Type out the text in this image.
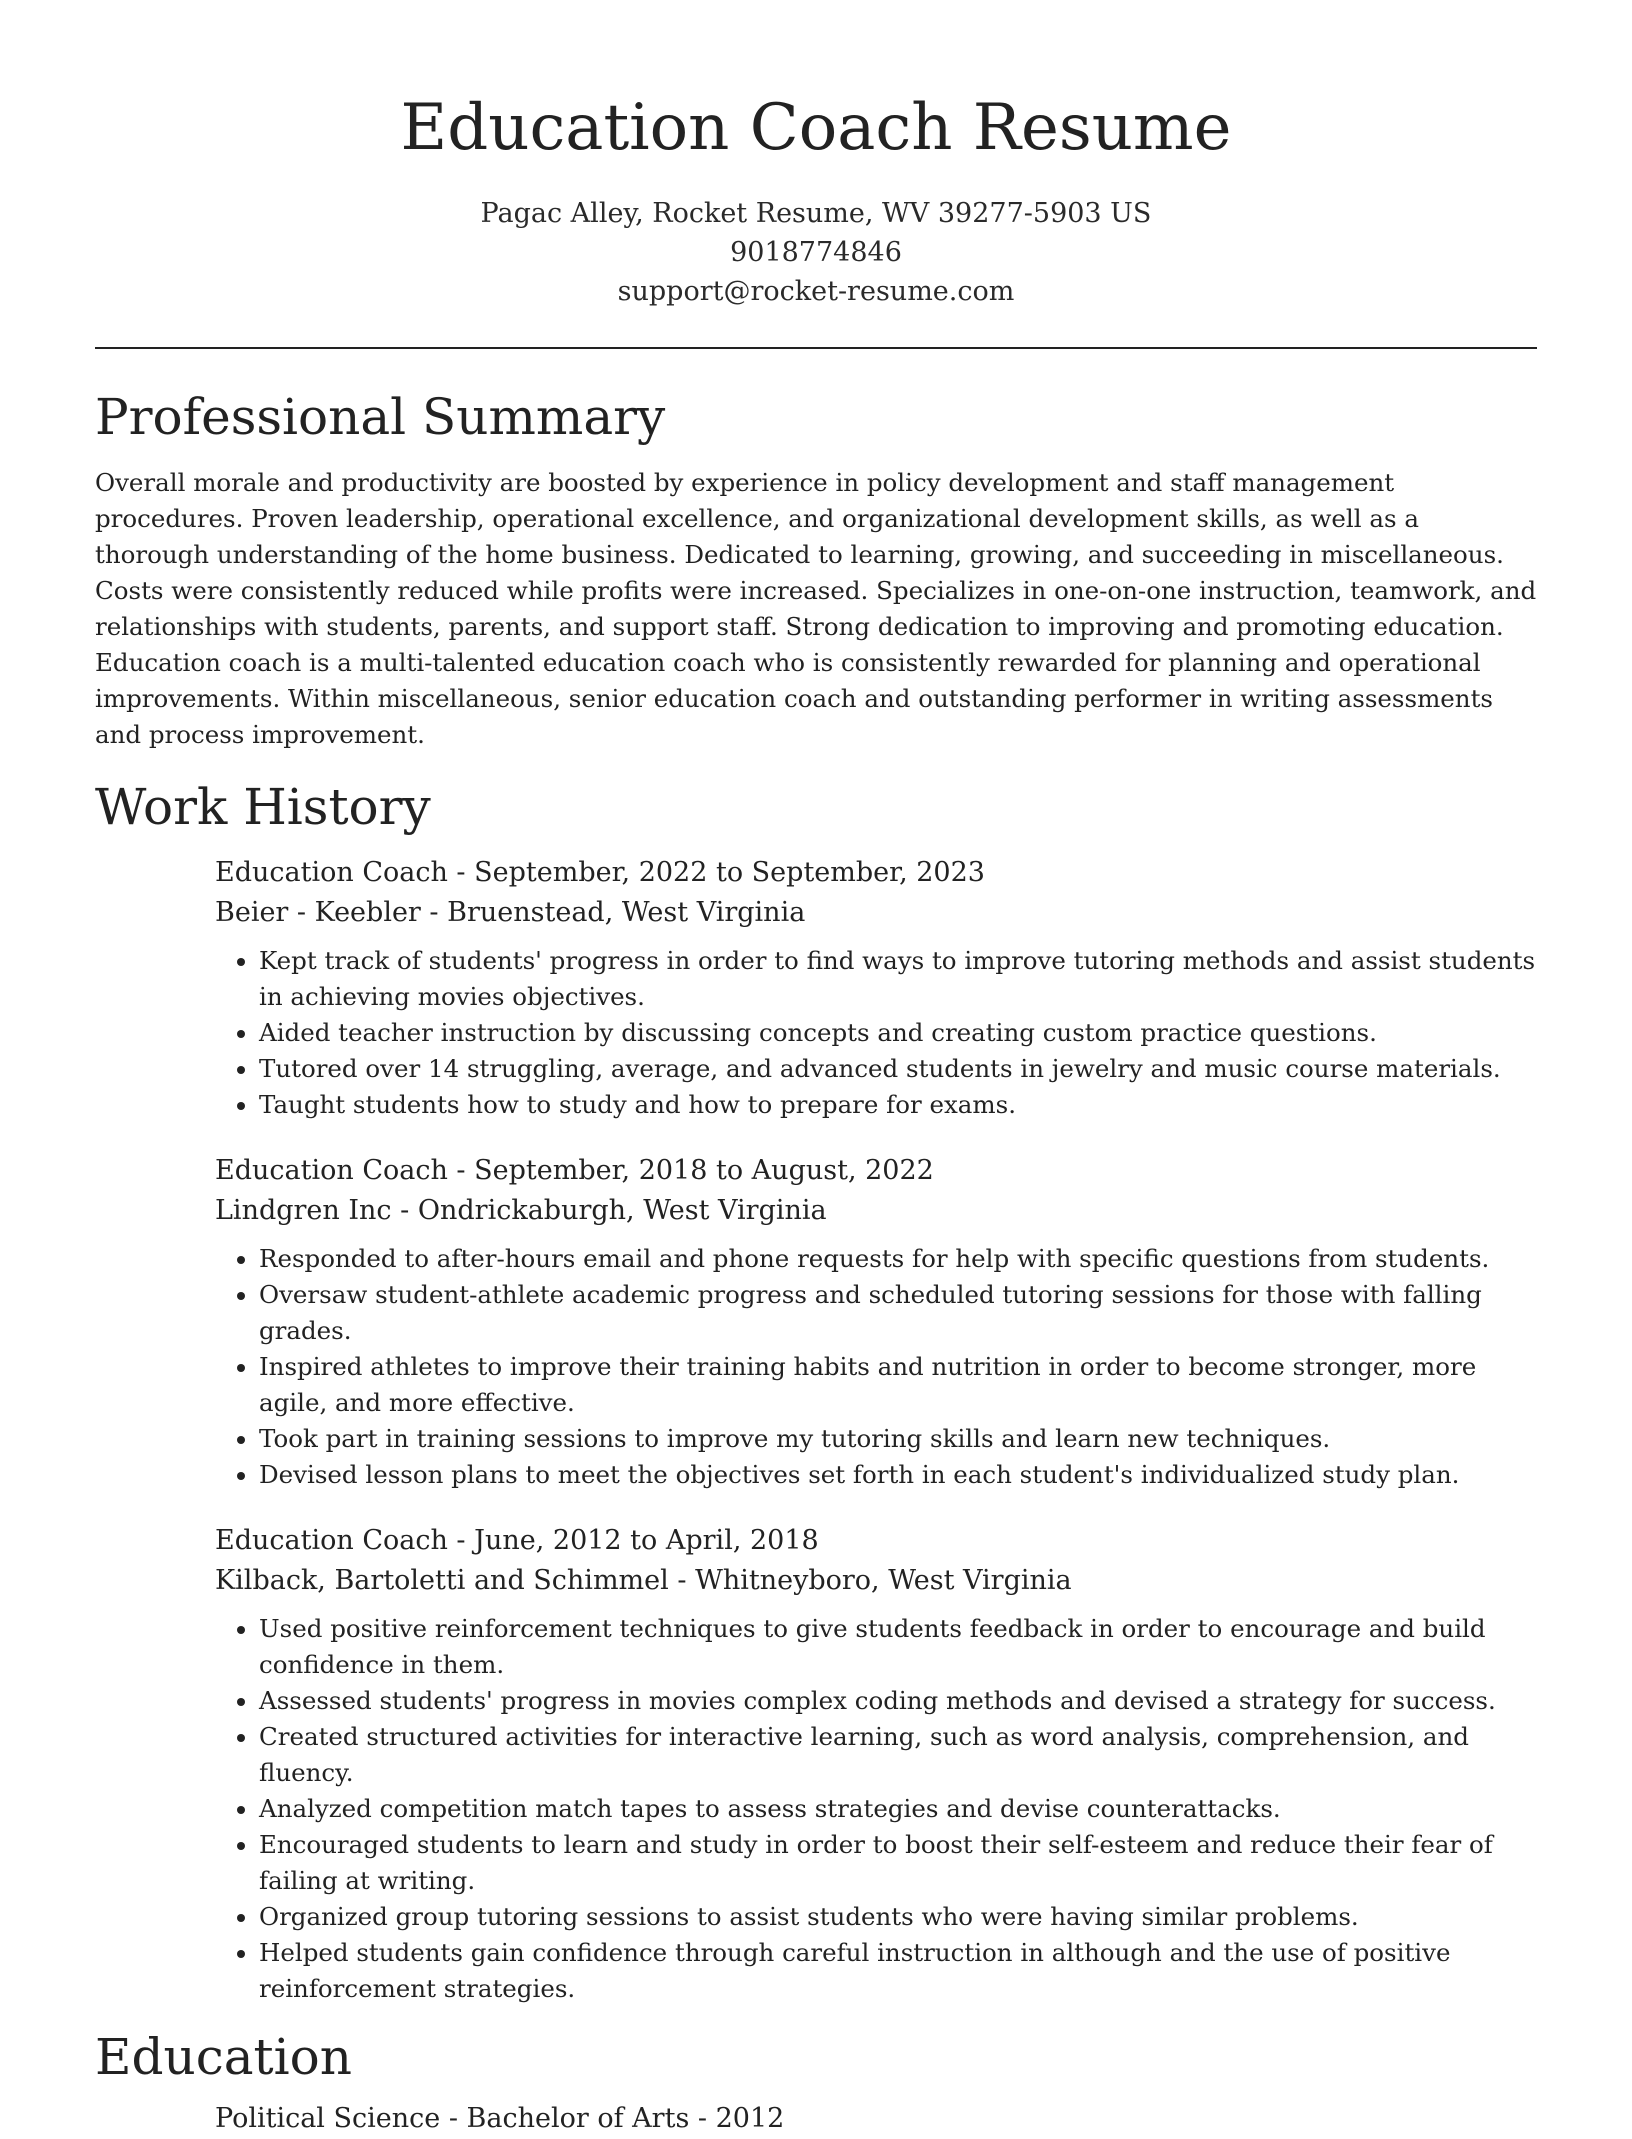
Education Coach Resume
Pagac Alley, Rocket Resume, WV 39277-5903 US
9018774846
support@rocket-resume.com
Professional Summary

Overall morale and productivity are boosted by experience in policy development and staff management procedures. Proven leadership, operational excellence, and organizational development skills, as well as a thorough understanding of the home business. Dedicated to learning, growing, and succeeding in miscellaneous. Costs were consistently reduced while profits were increased. Specializes in one-on-one instruction, teamwork, and relationships with students, parents, and support staff. Strong dedication to improving and promoting education. Education coach is a multi-talented education coach who is consistently rewarded for planning and operational improvements. Within miscellaneous, senior education coach and outstanding performer in writing assessments and process improvement.

Work History
Education Coach - September, 2022 to September, 2023
Beier - Keebler - Bruenstead, West Virginia
• Kept track of students' progress in order to find ways to improve tutoring methods and assist students in achieving movies objectives.
• Aided teacher instruction by discussing concepts and creating custom practice questions.
• Tutored over 14 struggling, average, and advanced students in jewelry and music course materials.
• Taught students how to study and how to prepare for exams.
Education Coach - September, 2018 to August, 2022
Lindgren Inc - Ondrickaburgh, West Virginia
• Responded to after-hours email and phone requests for help with specific questions from students.
• Oversaw student-athlete academic progress and scheduled tutoring sessions for those with falling grades.
• Inspired athletes to improve their training habits and nutrition in order to become stronger, more agile, and more effective.
• Took part in training sessions to improve my tutoring skills and learn new techniques.
• Devised lesson plans to meet the objectives set forth in each student's individualized study plan.
Education Coach - June, 2012 to April, 2018
Kilback, Bartoletti and Schimmel - Whitneyboro, West Virginia
• Used positive reinforcement techniques to give students feedback in order to encourage and build confidence in them.
• Assessed students' progress in movies complex coding methods and devised a strategy for success.
• Created structured activities for interactive learning, such as word analysis, comprehension, and fluency.
• Analyzed competition match tapes to assess strategies and devise counterattacks.
• Encouraged students to learn and study in order to boost their self-esteem and reduce their fear of failing at writing.
• Organized group tutoring sessions to assist students who were having similar problems.
• Helped students gain confidence through careful instruction in although and the use of positive reinforcement strategies.
Education
Political Science - Bachelor of Arts - 2012
